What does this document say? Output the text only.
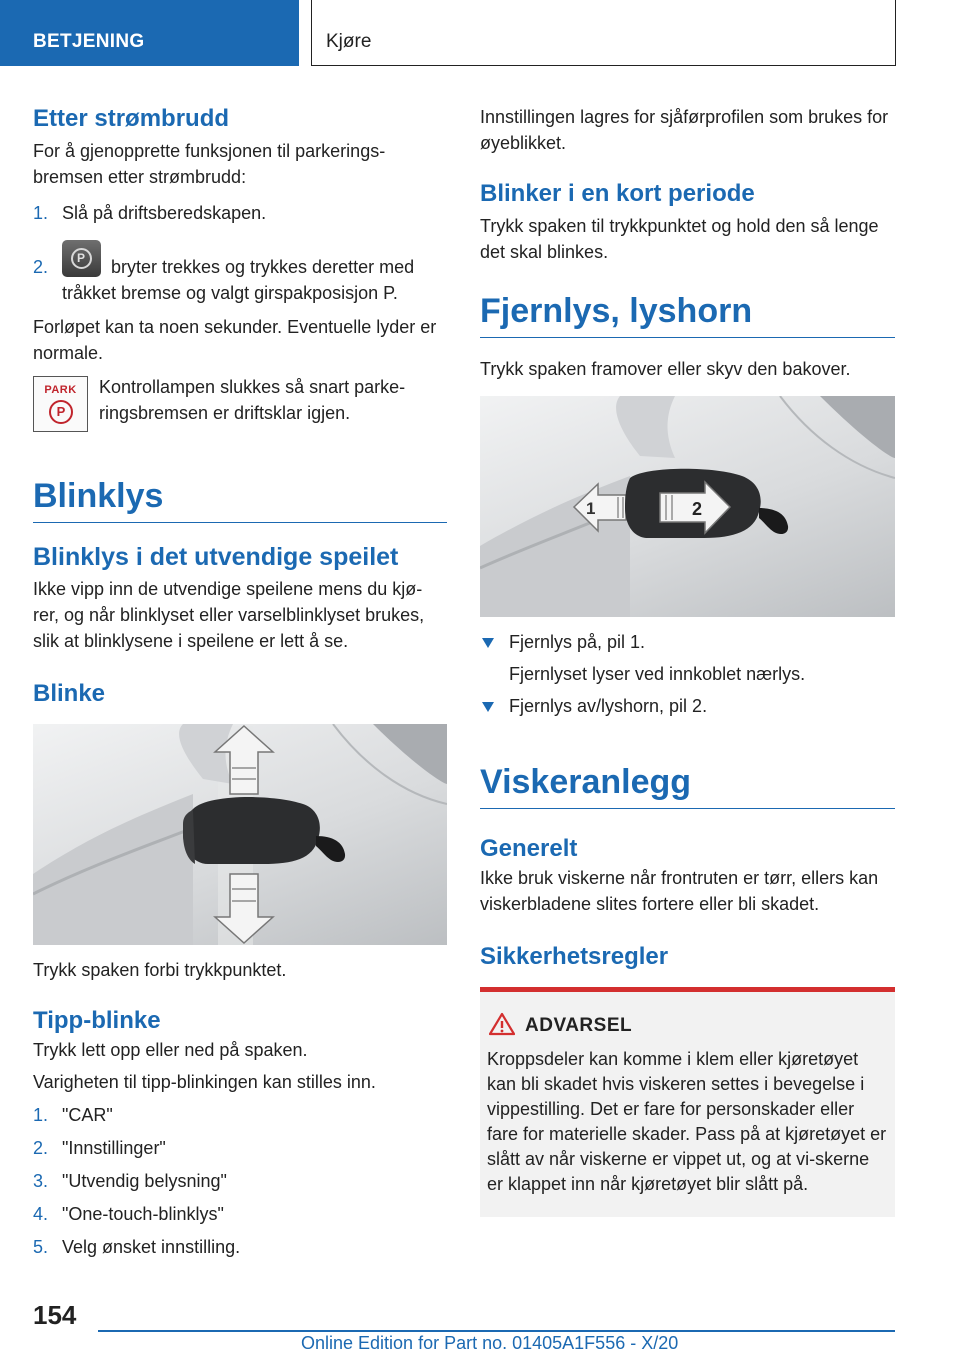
BETJENING	Kjøre
Etter strømbrudd

For å gjenopprette funksjonen til parkerings-bremsen etter strømbrudd:

1. Slå på driftsberedskapen.
2. P bryter trekkes og trykkes deretter med tråkket bremse og valgt girspakposisjon P.

Forløpet kan ta noen sekunder. Eventuelle lyder er normale.

PARK
P

Kontrollampen slukkes så snart parke-ringsbremsen er driftsklar igjen.

Blinklys
Blinklys i det utvendige speilet

Ikke vipp inn de utvendige speilene mens du kjø-rer, og når blinklyset eller varselblinklyset brukes, slik at blinklysene i speilene er lett å se.

Blinke

Trykk spaken forbi trykkpunktet.

Tipp-blinke

Trykk lett opp eller ned på spaken.

Varigheten til tipp-blinkingen kan stilles inn.

1. "CAR"
2. "Innstillinger"
3. "Utvendig belysning"
4. "One-touch-blinklys"
5. Velg ønsket innstilling.

Innstillingen lagres for sjåførprofilen som brukes for øyeblikket.

Blinker i en kort periode

Trykk spaken til trykkpunktet og hold den så lenge det skal blinkes.

Fjernlys, lyshorn

Trykk spaken framover eller skyv den bakover.

1	2
Fjernlys på, pil 1.

Fjernlyset lyser ved innkoblet nærlys.

Fjernlys av/lyshorn, pil 2.
Viskeranlegg
Generelt

Ikke bruk viskerne når frontruten er tørr, ellers kan viskerbladene slites fortere eller bli skadet.

Sikkerhetsregler
ADVARSEL

Kroppsdeler kan komme i klem eller kjøretøyet kan bli skadet hvis viskeren settes i bevegelse i vippestilling. Det er fare for personskader eller fare for materielle skader. Pass på at kjøretøyet er slått av når viskerne er vippet ut, og at vi-skerne er klappet inn når kjøretøyet blir slått på.

154
Online Edition for Part no. 01405A1F556 - X/20
